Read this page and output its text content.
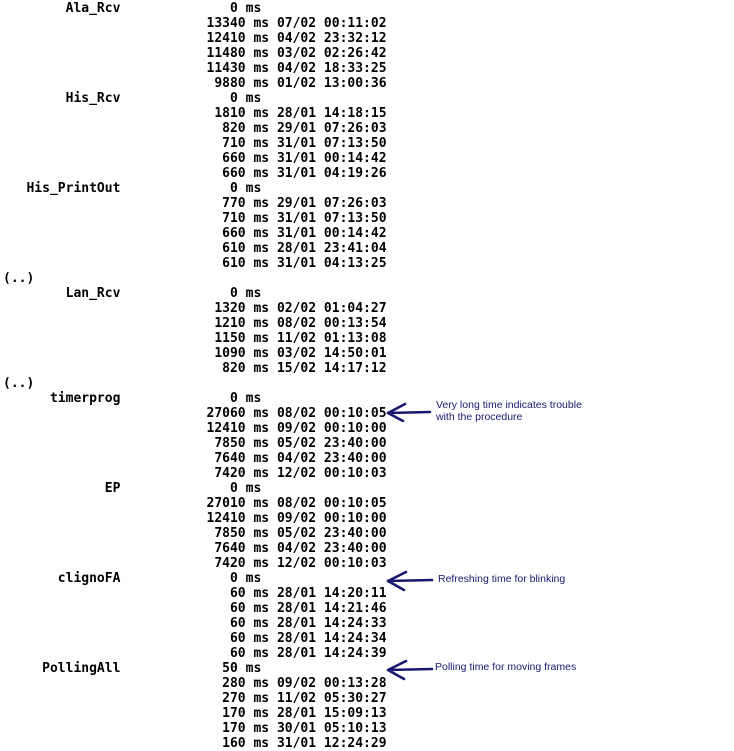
Ala_Rcv              0 ms
13340 ms 07/02 00:11:02
12410 ms 04/02 23:32:12
11480 ms 03/02 02:26:42
11430 ms 04/02 18:33:25
9880 ms 01/02 13:00:36
His_Rcv              0 ms
1810 ms 28/01 14:18:15
820 ms 29/01 07:26:03
710 ms 31/01 07:13:50
660 ms 31/01 00:14:42
660 ms 31/01 04:19:26
His_PrintOut              0 ms
770 ms 29/01 07:26:03
710 ms 31/01 07:13:50
660 ms 31/01 00:14:42
610 ms 28/01 23:41:04
610 ms 31/01 04:13:25
(..)
Lan_Rcv              0 ms
1320 ms 02/02 01:04:27
1210 ms 08/02 00:13:54
1150 ms 11/02 01:13:08
1090 ms 03/02 14:50:01
820 ms 15/02 14:17:12
(..)
timerprog              0 ms
27060 ms 08/02 00:10:05
12410 ms 09/02 00:10:00
7850 ms 05/02 23:40:00
7640 ms 04/02 23:40:00
7420 ms 12/02 00:10:03
EP              0 ms
27010 ms 08/02 00:10:05
12410 ms 09/02 00:10:00
7850 ms 05/02 23:40:00
7640 ms 04/02 23:40:00
7420 ms 12/02 00:10:03
clignoFA              0 ms
60 ms 28/01 14:20:11
60 ms 28/01 14:21:46
60 ms 28/01 14:24:33
60 ms 28/01 14:24:34
60 ms 28/01 14:24:39
PollingAll             50 ms
280 ms 09/02 00:13:28
270 ms 11/02 05:30:27
170 ms 28/01 15:09:13
170 ms 30/01 05:10:13
160 ms 31/01 12:24:29
Very long time indicates trouble
with the procedure
Refreshing time for blinking
Polling time for moving frames
